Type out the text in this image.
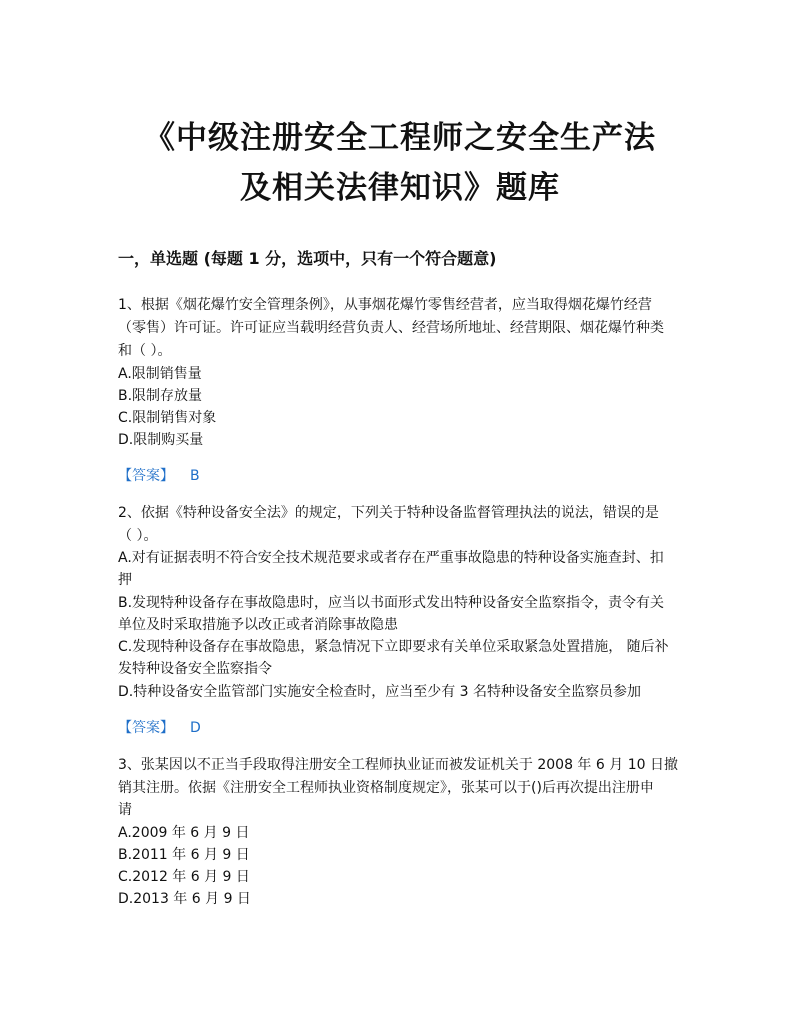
《中级注册安全工程师之安全生产法
及相关法律知识》题库
一，单选题 (每题 1 分，选项中，只有一个符合题意)
1、根据《烟花爆竹安全管理条例》，从事烟花爆竹零售经营者，应当取得烟花爆竹经营
（零售）许可证。许可证应当载明经营负责人、经营场所地址、经营期限、烟花爆竹种类
和（ ）。
A.限制销售量
B.限制存放量
C.限制销售对象
D.限制购买量
【答案】 B
2、依据《特种设备安全法》的规定，下列关于特种设备监督管理执法的说法，错误的是
（ ）。
A.对有证据表明不符合安全技术规范要求或者存在严重事故隐患的特种设备实施查封、扣
押
B.发现特种设备存在事故隐患时，应当以书面形式发出特种设备安全监察指令，责令有关
单位及时采取措施予以改正或者消除事故隐患
C.发现特种设备存在事故隐患，紧急情况下立即要求有关单位采取紧急处置措施， 随后补
发特种设备安全监察指令
D.特种设备安全监管部门实施安全检查时，应当至少有 3 名特种设备安全监察员参加
【答案】 D
3、张某因以不正当手段取得注册安全工程师执业证而被发证机关于 2008 年 6 月 10 日撤
销其注册。依据《注册安全工程师执业资格制度规定》，张某可以于()后再次提出注册申
请
A.2009 年 6 月 9 日
B.2011 年 6 月 9 日
C.2012 年 6 月 9 日
D.2013 年 6 月 9 日
